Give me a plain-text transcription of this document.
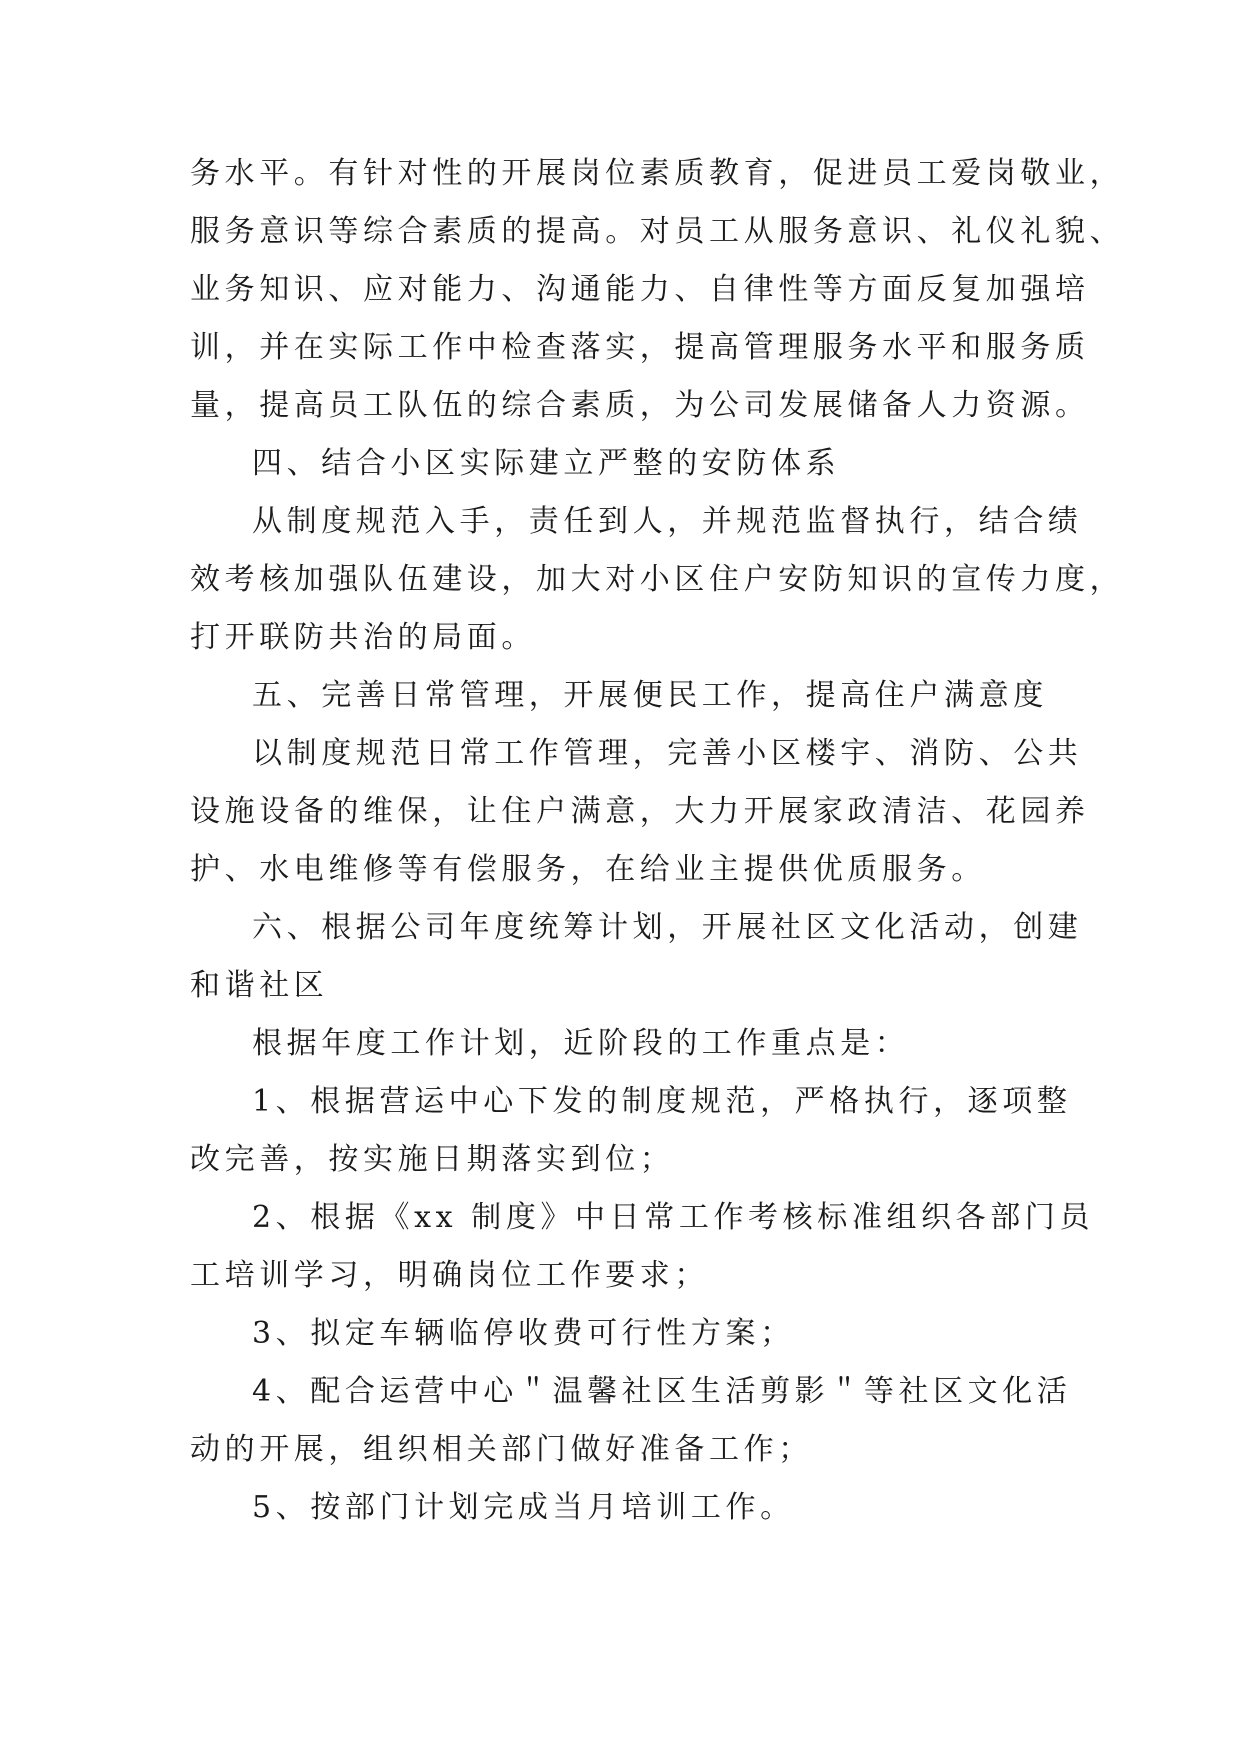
务水平。有针对性的开展岗位素质教育，促进员工爱岗敬业，
服务意识等综合素质的提高。对员工从服务意识、礼仪礼貌、
业务知识、应对能力、沟通能力、自律性等方面反复加强培
训，并在实际工作中检查落实，提高管理服务水平和服务质
量，提高员工队伍的综合素质，为公司发展储备人力资源。
四、结合小区实际建立严整的安防体系
从制度规范入手，责任到人，并规范监督执行，结合绩
效考核加强队伍建设，加大对小区住户安防知识的宣传力度，
打开联防共治的局面。
五、完善日常管理，开展便民工作，提高住户满意度
以制度规范日常工作管理，完善小区楼宇、消防、公共
设施设备的维保，让住户满意，大力开展家政清洁、花园养
护、水电维修等有偿服务，在给业主提供优质服务。
六、根据公司年度统筹计划，开展社区文化活动，创建
和谐社区
根据年度工作计划，近阶段的工作重点是：
1、根据营运中心下发的制度规范，严格执行，逐项整
改完善，按实施日期落实到位；
2、根据《xx 制度》中日常工作考核标准组织各部门员
工培训学习，明确岗位工作要求；
3、拟定车辆临停收费可行性方案；
4、配合运营中心＂温馨社区生活剪影＂等社区文化活
动的开展，组织相关部门做好准备工作；
5、按部门计划完成当月培训工作。
